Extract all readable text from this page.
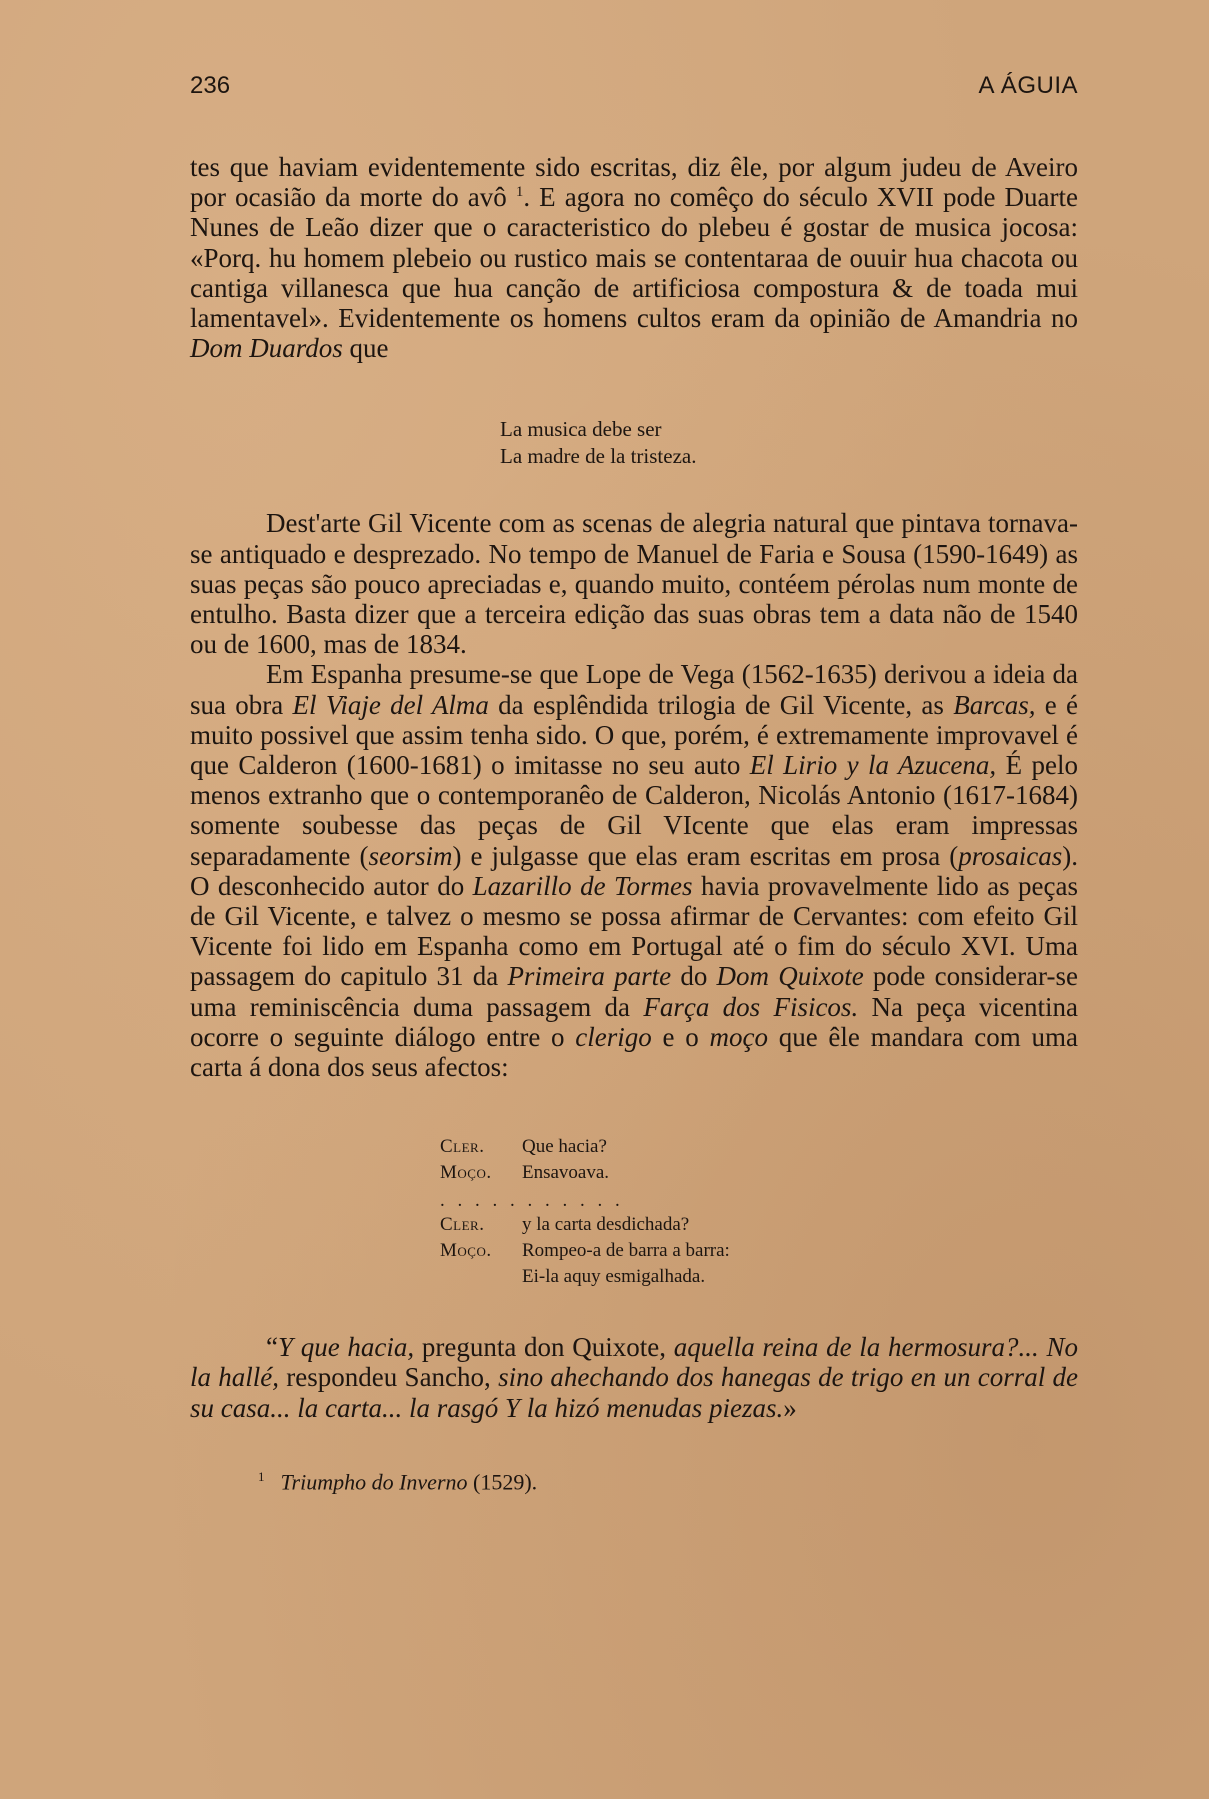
236	A ÁGUIA

tes que haviam evidentemente sido escritas, diz êle, por algum judeu de Aveiro por ocasião da morte do avô $^1$. E agora no comêço do século XVII pode Duarte Nunes de Leão dizer que o caracteristico do plebeu é gostar de musica jocosa: «Porq. hu homem plebeio ou rustico mais se contentaraa de ouuir hua chacota ou cantiga villanesca que hua canção de artificiosa compostura & de toada mui lamentavel». Evidentemente os homens cultos eram da opinião de Amandria no Dom Duardos que

La musica debe ser
La madre de la tristeza.

Dest'arte Gil Vicente com as scenas de alegria natural que pintava tornava-se antiquado e desprezado. No tempo de Manuel de Faria e Sousa (1590-1649) as suas peças são pouco apreciadas e, quando muito, contéem pérolas num monte de entulho. Basta dizer que a terceira edição das suas obras tem a data não de 1540 ou de 1600, mas de 1834.

Em Espanha presume-se que Lope de Vega (1562-1635) derivou a ideia da sua obra El Viaje del Alma da esplêndida trilogia de Gil Vicente, as Barcas, e é muito possivel que assim tenha sido. O que, porém, é extremamente improvavel é que Calderon (1600-1681) o imitasse no seu auto El Lirio y la Azucena, É pelo menos extranho que o contemporanêo de Calderon, Nicolás Antonio (1617-1684) somente soubesse das peças de Gil VIcente que elas eram impressas separadamente (seorsim) e julgasse que elas eram escritas em prosa (prosaicas). O desconhecido autor do Lazarillo de Tormes havia provavelmente lido as peças de Gil Vicente, e talvez o mesmo se possa afirmar de Cervantes: com efeito Gil Vicente foi lido em Espanha como em Portugal até o fim do século XVI. Uma passagem do capitulo 31 da Primeira parte do Dom Quixote pode considerar-se uma reminiscência duma passagem da Farça dos Fisicos. Na peça vicentina ocorre o seguinte diálogo entre o clerigo e o moço que êle mandara com uma carta á dona dos seus afectos:

Cler.	Que hacia?
Moço.	Ensavoava.
. . . . . . . . . . .
Cler.	y la carta desdichada?
Moço.	Rompeo-a de barra a barra:
Ei-la aquy esmigalhada.

“Y que hacia, pregunta don Quixote, aquella reina de la hermosura?... No la hallé, respondeu Sancho, sino ahechando dos hanegas de trigo en un corral de su casa... la carta... la rasgó Y la hizó menudas piezas.»

$^1$ Triumpho do Inverno (1529).
